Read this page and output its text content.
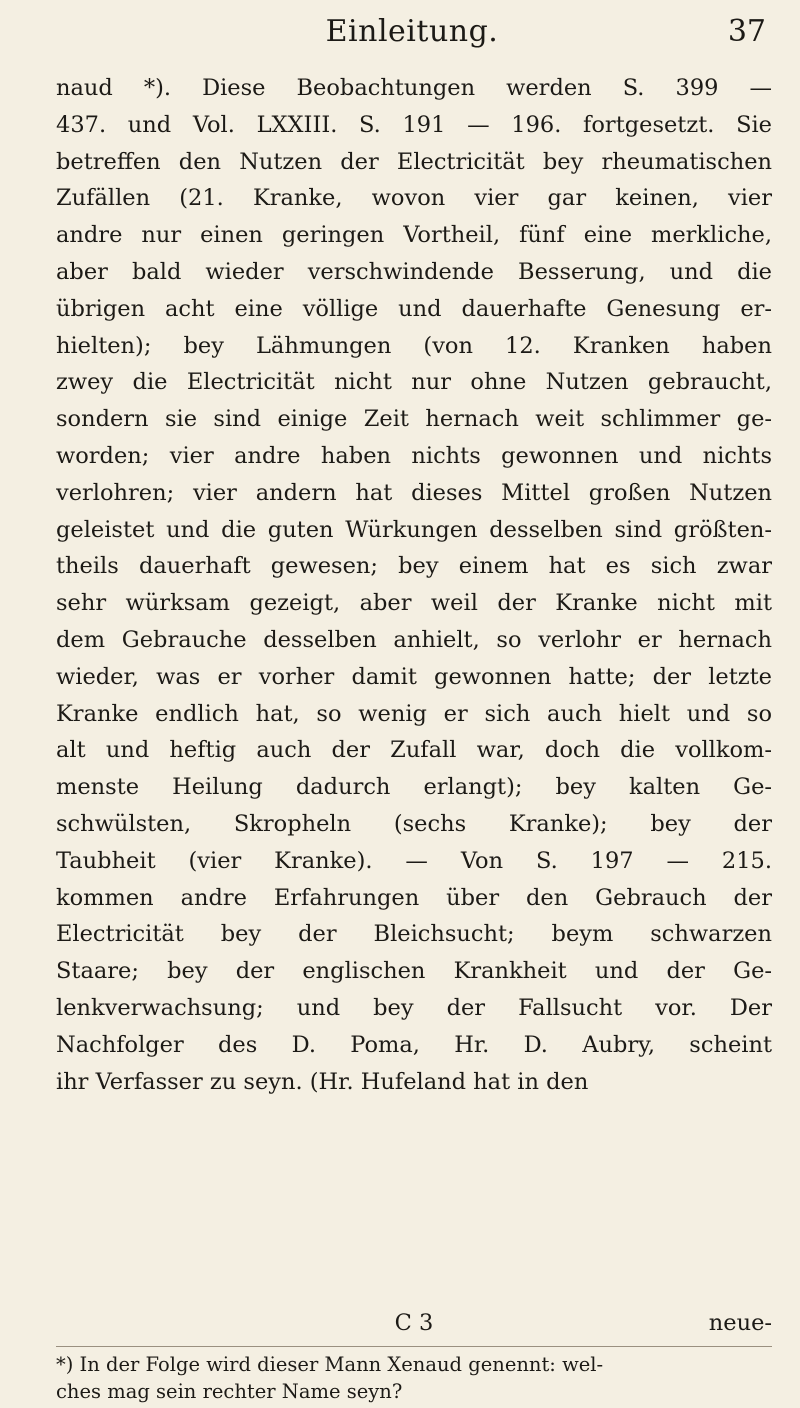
Einleitung.	37
naud *). Diese Beobachtungen werden S. 399 —
437. und Vol. LXXIII. S. 191 — 196. fortgesetzt. Sie
betreffen den Nutzen der Electricität bey rheumatischen
Zufällen (21. Kranke, wovon vier gar keinen, vier
andre nur einen geringen Vortheil, fünf eine merkliche,
aber bald wieder verschwindende Besserung, und die
übrigen acht eine völlige und dauerhafte Genesung er-
hielten); bey Lähmungen (von 12. Kranken haben
zwey die Electricität nicht nur ohne Nutzen gebraucht,
sondern sie sind einige Zeit hernach weit schlimmer ge-
worden; vier andre haben nichts gewonnen und nichts
verlohren; vier andern hat dieses Mittel großen Nutzen
geleistet und die guten Würkungen desselben sind größten-
theils dauerhaft gewesen; bey einem hat es sich zwar
sehr würksam gezeigt, aber weil der Kranke nicht mit
dem Gebrauche desselben anhielt, so verlohr er hernach
wieder, was er vorher damit gewonnen hatte; der letzte
Kranke endlich hat, so wenig er sich auch hielt und so
alt und heftig auch der Zufall war, doch die vollkom-
menste Heilung dadurch erlangt); bey kalten Ge-
schwülsten, Skropheln (sechs Kranke); bey der
Taubheit (vier Kranke). — Von S. 197 — 215.
kommen andre Erfahrungen über den Gebrauch der
Electricität bey der Bleichsucht; beym schwarzen
Staare; bey der englischen Krankheit und der Ge-
lenkverwachsung; und bey der Fallsucht vor. Der
Nachfolger des D. Poma, Hr. D. Aubry, scheint
ihr Verfasser zu seyn. (Hr. Hufeland hat in den
C 3	neue-
*) In der Folge wird dieser Mann Xenaud genennt: wel-
ches mag sein rechter Name seyn?
